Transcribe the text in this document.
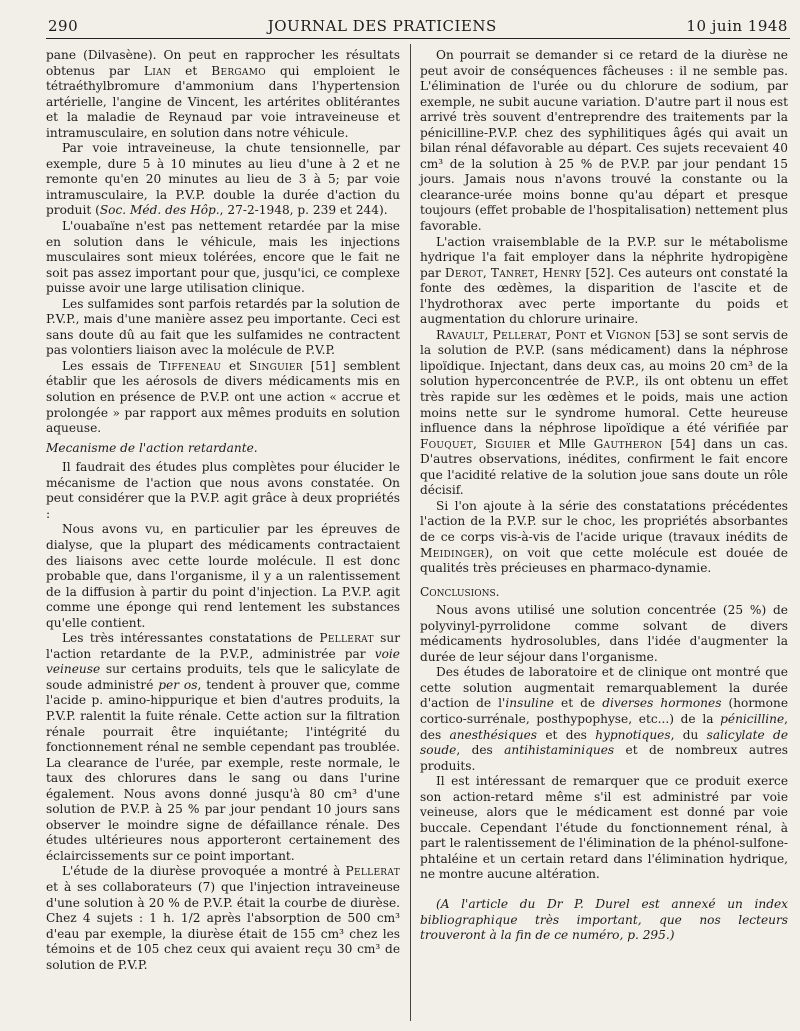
290	JOURNAL DES PRATICIENS	10 juin 1948

pane (Dilvasène). On peut en rapprocher les résultats obtenus par Lian et Bergamo qui emploient le tétraéthylbromure d'ammonium dans l'hypertension artérielle, l'angine de Vincent, les artérites oblitérantes et la maladie de Reynaud par voie intraveineuse et intramusculaire, en solution dans notre véhicule.

Par voie intraveineuse, la chute tensionnelle, par exemple, dure 5 à 10 minutes au lieu d'une à 2 et ne remonte qu'en 20 minutes au lieu de 3 à 5; par voie intramusculaire, la P.V.P. double la durée d'action du produit (Soc. Méd. des Hôp., 27-2-1948, p. 239 et 244).

L'ouabaïne n'est pas nettement retardée par la mise en solution dans le véhicule, mais les injections musculaires sont mieux tolérées, encore que le fait ne soit pas assez important pour que, jusqu'ici, ce complexe puisse avoir une large utilisation clinique.

Les sulfamides sont parfois retardés par la solution de P.V.P., mais d'une manière assez peu importante. Ceci est sans doute dû au fait que les sulfamides ne contractent pas volontiers liaison avec la molécule de P.V.P.

Les essais de Tiffeneau et Singuier [51] semblent établir que les aérosols de divers médicaments mis en solution en présence de P.V.P. ont une action « accrue et prolongée » par rapport aux mêmes produits en solution aqueuse.

Mecanisme de l'action retardante.

Il faudrait des études plus complètes pour élucider le mécanisme de l'action que nous avons constatée. On peut considérer que la P.V.P. agit grâce à deux propriétés :

Nous avons vu, en particulier par les épreuves de dialyse, que la plupart des médicaments contractaient des liaisons avec cette lourde molécule. Il est donc probable que, dans l'organisme, il y a un ralentissement de la diffusion à partir du point d'injection. La P.V.P. agit comme une éponge qui rend lentement les substances qu'elle contient.

Les très intéressantes constatations de Pellerat sur l'action retardante de la P.V.P., administrée par voie veineuse sur certains produits, tels que le salicylate de soude administré per os, tendent à prouver que, comme l'acide p. amino-hippurique et bien d'autres produits, la P.V.P. ralentit la fuite rénale. Cette action sur la filtration rénale pourrait être inquiétante; l'intégrité du fonctionnement rénal ne semble cependant pas troublée. La clearance de l'urée, par exemple, reste normale, le taux des chlorures dans le sang ou dans l'urine également. Nous avons donné jusqu'à 80 cm³ d'une solution de P.V.P. à 25 % par jour pendant 10 jours sans observer le moindre signe de défaillance rénale. Des études ultérieures nous apporteront certainement des éclaircissements sur ce point important.

L'étude de la diurèse provoquée a montré à Pellerat et à ses collaborateurs (7) que l'injection intraveineuse d'une solution à 20 % de P.V.P. était la courbe de diurèse. Chez 4 sujets : 1 h. 1/2 après l'absorption de 500 cm³ d'eau par exemple, la diurèse était de 155 cm³ chez les témoins et de 105 chez ceux qui avaient reçu 30 cm³ de solution de P.V.P.

On pourrait se demander si ce retard de la diurèse ne peut avoir de conséquences fâcheuses : il ne semble pas. L'élimination de l'urée ou du chlorure de sodium, par exemple, ne subit aucune variation. D'autre part il nous est arrivé très souvent d'entreprendre des traitements par la pénicilline-P.V.P. chez des syphilitiques âgés qui avait un bilan rénal défavorable au départ. Ces sujets recevaient 40 cm³ de la solution à 25 % de P.V.P. par jour pendant 15 jours. Jamais nous n'avons trouvé la constante ou la clearance-urée moins bonne qu'au départ et presque toujours (effet probable de l'hospitalisation) nettement plus favorable.

L'action vraisemblable de la P.V.P. sur le métabolisme hydrique l'a fait employer dans la néphrite hydropigène par Derot, Tanret, Henry [52]. Ces auteurs ont constaté la fonte des œdèmes, la disparition de l'ascite et de l'hydrothorax avec perte importante du poids et augmentation du chlorure urinaire.

Ravault, Pellerat, Pont et Vignon [53] se sont servis de la solution de P.V.P. (sans médicament) dans la néphrose lipoïdique. Injectant, dans deux cas, au moins 20 cm³ de la solution hyperconcentrée de P.V.P., ils ont obtenu un effet très rapide sur les œdèmes et le poids, mais une action moins nette sur le syndrome humoral. Cette heureuse influence dans la néphrose lipoïdique a été vérifiée par Fouquet, Siguier et Mlle Gautheron [54] dans un cas. D'autres observations, inédites, confirment le fait encore que l'acidité relative de la solution joue sans doute un rôle décisif.

Si l'on ajoute à la série des constatations précédentes l'action de la P.V.P. sur le choc, les propriétés absorbantes de ce corps vis-à-vis de l'acide urique (travaux inédits de Meidinger), on voit que cette molécule est douée de qualités très précieuses en pharmaco-dynamie.

Conclusions.

Nous avons utilisé une solution concentrée (25 %) de polyvinyl-pyrrolidone comme solvant de divers médicaments hydrosolubles, dans l'idée d'augmenter la durée de leur séjour dans l'organisme.

Des études de laboratoire et de clinique ont montré que cette solution augmentait remarquablement la durée d'action de l'insuline et de diverses hormones (hormone cortico-surrénale, posthypophyse, etc...) de la pénicilline, des anesthésiques et des hypnotiques, du salicylate de soude, des antihistaminiques et de nombreux autres produits.

Il est intéressant de remarquer que ce produit exerce son action-retard même s'il est administré par voie veineuse, alors que le médicament est donné par voie buccale. Cependant l'étude du fonctionnement rénal, à part le ralentissement de l'élimination de la phénol-sulfone-phtaléine et un certain retard dans l'élimination hydrique, ne montre aucune altération.

(A l'article du Dr P. Durel est annexé un index bibliographique très important, que nos lecteurs trouveront à la fin de ce numéro, p. 295.)
